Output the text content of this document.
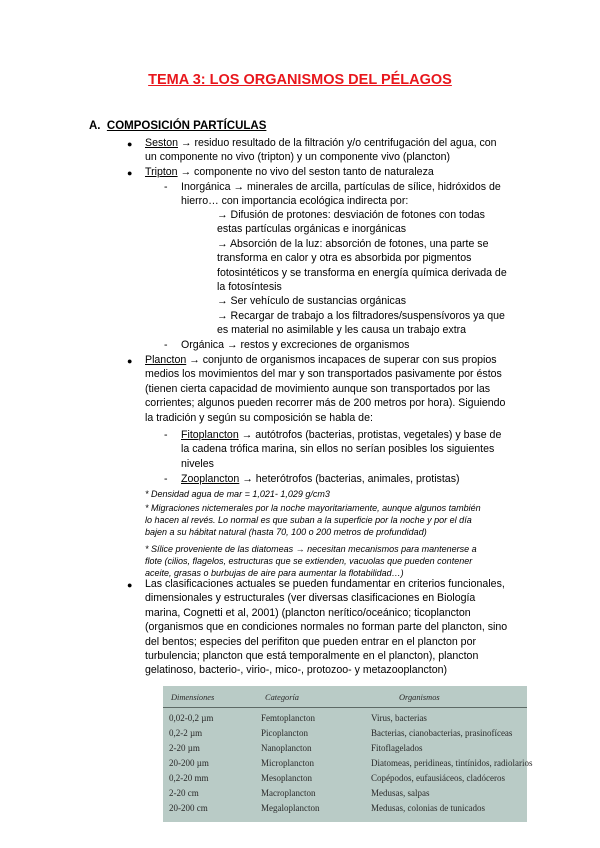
TEMA 3: LOS ORGANISMOS DEL PÉLAGOS
A. COMPOSICIÓN PARTÍCULAS
● Seston → residuo resultado de la filtración y/o centrifugación del agua, con
un componente no vivo (tripton) y un componente vivo (plancton)
● Tripton → componente no vivo del seston tanto de naturaleza
- Inorgánica → minerales de arcilla, partículas de sílice, hidróxidos de
hierro… con importancia ecológica indirecta por:
→ Difusión de protones: desviación de fotones con todas
estas partículas orgánicas e inorgánicas
→ Absorción de la luz: absorción de fotones, una parte se
transforma en calor y otra es absorbida por pigmentos
fotosintéticos y se transforma en energía química derivada de
la fotosíntesis
→ Ser vehículo de sustancias orgánicas
→ Recargar de trabajo a los filtradores/suspensívoros ya que
es material no asimilable y les causa un trabajo extra
- Orgánica → restos y excreciones de organismos
● Plancton → conjunto de organismos incapaces de superar con sus propios
medios los movimientos del mar y son transportados pasivamente por éstos
(tienen cierta capacidad de movimiento aunque son transportados por las
corrientes; algunos pueden recorrer más de 200 metros por hora). Siguiendo
la tradición y según su composición se habla de:
- Fitoplancton → autótrofos (bacterias, protistas, vegetales) y base de
la cadena trófica marina, sin ellos no serían posibles los siguientes
niveles
- Zooplancton → heterótrofos (bacterias, animales, protistas)
* Densidad agua de mar = 1,021- 1,029 g/cm3
* Migraciones nictemerales por la noche mayoritariamente, aunque algunos también
lo hacen al revés. Lo normal es que suban a la superficie por la noche y por el día
bajen a su hábitat natural (hasta 70, 100 o 200 metros de profundidad)
* Sílice proveniente de las diatomeas → necesitan mecanismos para mantenerse a
flote (cilios, flagelos, estructuras que se extienden, vacuolas que pueden contener
aceite, grasas o burbujas de aire para aumentar la flotabilidad…)
● Las clasificaciones actuales se pueden fundamentar en criterios funcionales,
dimensionales y estructurales (ver diversas clasificaciones en Biología
marina, Cognetti et al, 2001) (plancton nerítico/oceánico; ticoplancton
(organismos que en condiciones normales no forman parte del plancton, sino
del bentos; especies del perifiton que pueden entrar en el plancton por
turbulencia; plancton que está temporalmente en el plancton), plancton
gelatinoso, bacterio-, virio-, mico-, protozoo- y metazooplancton)
Dimensiones	Categoría	Organismos
0,02-0,2 µm	Femtoplancton	Virus, bacterias
0,2-2 µm	Picoplancton	Bacterias, cianobacterias, prasinofíceas
2-20 µm	Nanoplancton	Fitoflagelados
20-200 µm	Microplancton	Diatomeas, peridineas, tintínidos, radiolarios
0,2-20 mm	Mesoplancton	Copépodos, eufausiáceos, cladóceros
2-20 cm	Macroplancton	Medusas, salpas
20-200 cm	Megaloplancton	Medusas, colonias de tunicados
